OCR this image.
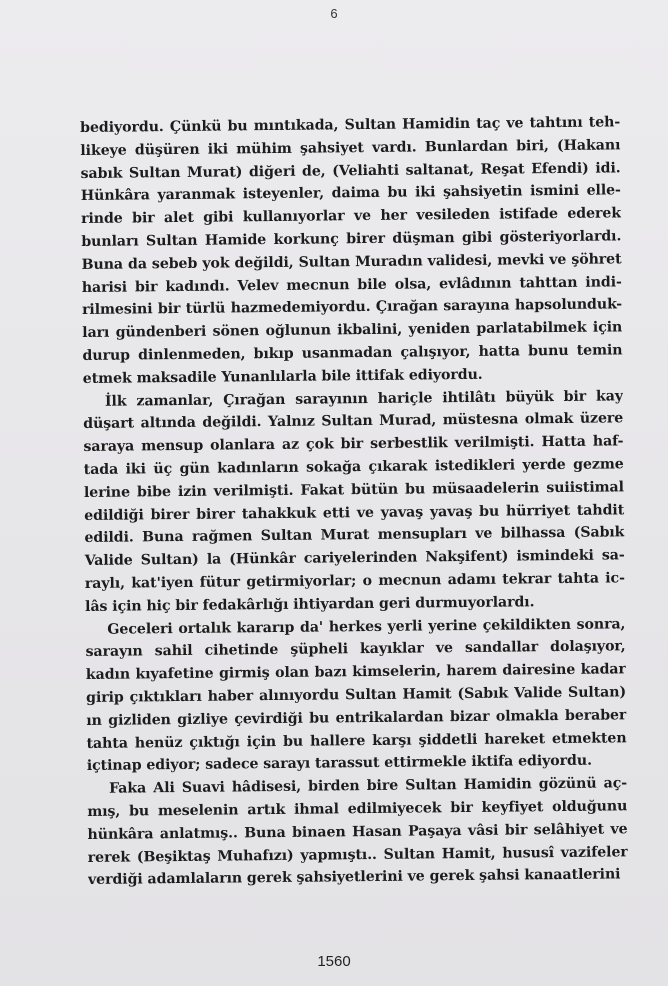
6
bediyordu. Çünkü bu mıntıkada, Sultan Hamidin taç ve tahtını teh-
likeye düşüren iki mühim şahsiyet vardı. Bunlardan biri, (Hakanı
sabık Sultan Murat) diğeri de, (Veliahti saltanat, Reşat Efendi) idi.
Hünkâra yaranmak isteyenler, daima bu iki şahsiyetin ismini elle-
rinde bir alet gibi kullanıyorlar ve her vesileden istifade ederek
bunları Sultan Hamide korkunç birer düşman gibi gösteriyorlardı.
Buna da sebeb yok değildi, Sultan Muradın validesi, mevki ve şöhret
harisi bir kadındı. Velev mecnun bile olsa, evlâdının tahttan indi-
rilmesini bir türlü hazmedemiyordu. Çırağan sarayına hapsolunduk-
ları gündenberi sönen oğlunun ikbalini, yeniden parlatabilmek için
durup dinlenmeden, bıkıp usanmadan çalışıyor, hatta bunu temin
etmek maksadile Yunanlılarla bile ittifak ediyordu.
İlk zamanlar, Çırağan sarayının hariçle ihtilâtı büyük bir kay
düşart altında değildi. Yalnız Sultan Murad, müstesna olmak üzere
saraya mensup olanlara az çok bir serbestlik verilmişti. Hatta haf-
tada iki üç gün kadınların sokağa çıkarak istedikleri yerde gezme
lerine bibe izin verilmişti. Fakat bütün bu müsaadelerin suiistimal
edildiği birer birer tahakkuk etti ve yavaş yavaş bu hürriyet tahdit
edildi. Buna rağmen Sultan Murat mensupları ve bilhassa (Sabık
Valide Sultan) la (Hünkâr cariyelerinden Nakşifent) ismindeki sa-
raylı, kat'iyen fütur getirmiyorlar; o mecnun adamı tekrar tahta ic-
lâs için hiç bir fedakârlığı ihtiyardan geri durmuyorlardı.
Geceleri ortalık kararıp da' herkes yerli yerine çekildikten sonra,
sarayın sahil cihetinde şüpheli kayıklar ve sandallar dolaşıyor,
kadın kıyafetine girmiş olan bazı kimselerin, harem dairesine kadar
girip çıktıkları haber alınıyordu Sultan Hamit (Sabık Valide Sultan)
ın gizliden gizliye çevirdiği bu entrikalardan bizar olmakla beraber
tahta henüz çıktığı için bu hallere karşı şiddetli hareket etmekten
içtinap ediyor; sadece sarayı tarassut ettirmekle iktifa ediyordu.
Faka Ali Suavi hâdisesi, birden bire Sultan Hamidin gözünü aç-
mış, bu meselenin artık ihmal edilmiyecek bir keyfiyet olduğunu
hünkâra anlatmış.. Buna binaen Hasan Paşaya vâsi bir selâhiyet ve
rerek (Beşiktaş Muhafızı) yapmıştı.. Sultan Hamit, hususî vazifeler
verdiği adamlaların gerek şahsiyetlerini ve gerek şahsi kanaatlerini
1560
